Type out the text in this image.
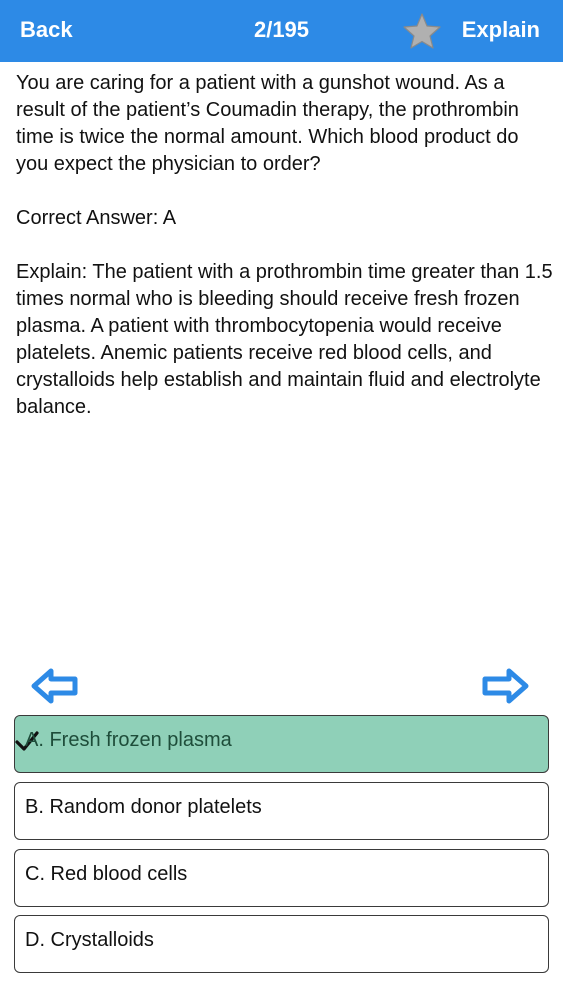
Back	2/195	Explain

You are caring for a patient with a gunshot wound. As a result of the patient’s Coumadin therapy, the prothrombin time is twice the normal amount. Which blood product do you expect the physician to order?

Correct Answer: A

Explain: The patient with a prothrombin time greater than 1.5 times normal who is bleeding should receive fresh frozen plasma. A patient with thrombocytopenia would receive platelets. Anemic patients receive red blood cells, and crystalloids help establish and maintain fluid and electrolyte balance.

A. Fresh frozen plasma
B. Random donor platelets
C. Red blood cells
D. Crystalloids
